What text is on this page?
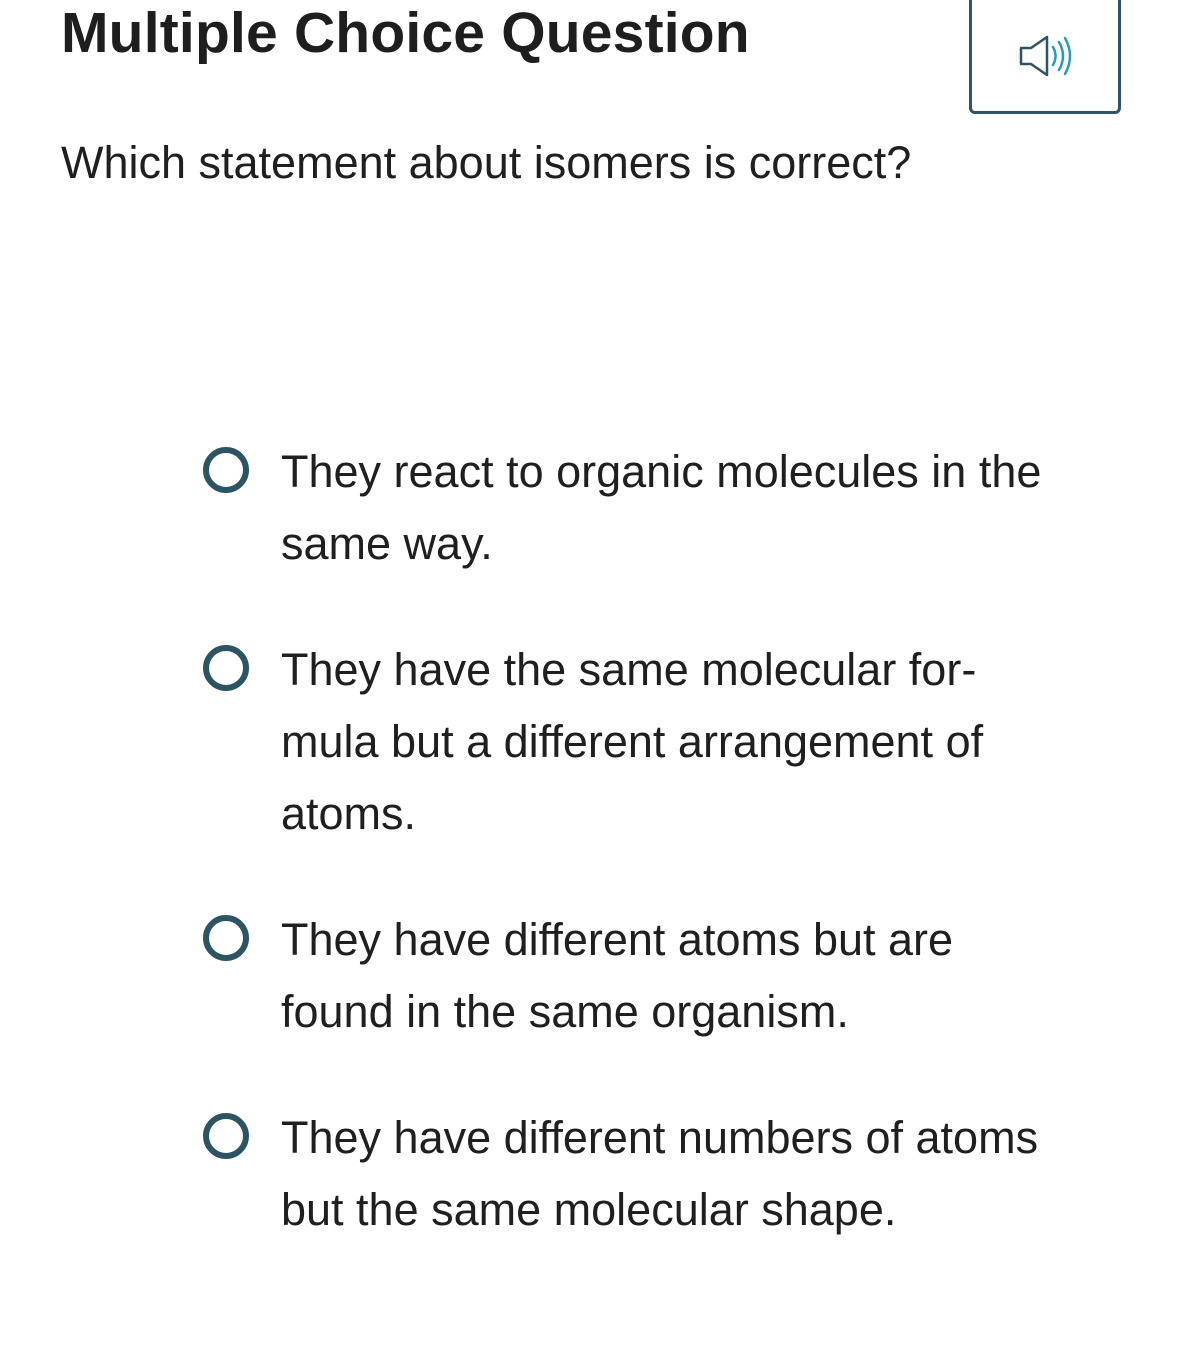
Multiple Choice Question

Which statement about isomers is correct?

They react to organic molecules in the same way.
They have the same molecular for-mula but a different arrangement of atoms.
They have different atoms but are found in the same organism.
They have different numbers of atoms but the same molecular shape.
